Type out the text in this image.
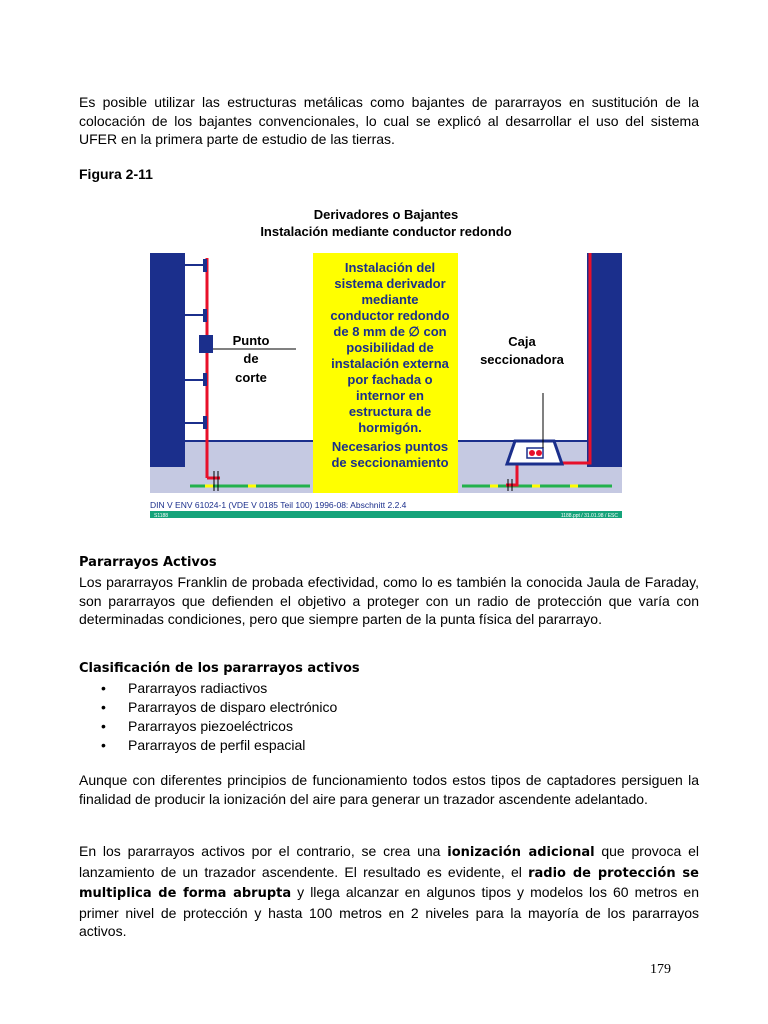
Es posible utilizar las estructuras metálicas como bajantes de pararrayos en sustitución de la colocación de los bajantes convencionales, lo cual se explicó al desarrollar el uso del sistema UFER en la primera parte de estudio de las tierras.

Figura 2-11

Derivadores o Bajantes

Instalación mediante conductor redondo

Instalación del
sistema derivador
mediante
conductor redondo
de 8 mm de ∅ con
posibilidad de
instalación externa
por fachada o
internor en
estructura de
hormigón.
Necesarios puntos
de seccionamiento
Punto
de
corte
Caja
seccionadora
DIN V ENV 61024-1 (VDE V 0185 Teil 100) 1996-08: Abschnitt 2.2.4
S1188	1188.ppt / 31.01.98 / ESC

Pararrayos Activos

Los pararrayos Franklin de probada efectividad, como lo es también la conocida Jaula de Faraday, son pararrayos que defienden el objetivo a proteger con un radio de protección que varía con determinadas condiciones, pero que siempre parten de la punta física del pararrayo.

Clasificación de los pararrayos activos

• Pararrayos radiactivos
• Pararrayos de disparo electrónico
• Pararrayos piezoeléctricos
• Pararrayos de perfil espacial

Aunque con diferentes principios de funcionamiento todos estos tipos de captadores persiguen la finalidad de producir la ionización del aire para generar un trazador ascendente adelantado.

En los pararrayos activos por el contrario, se crea una ionización adicional que provoca el lanzamiento de un trazador ascendente. El resultado es evidente, el radio de protección se multiplica de forma abrupta y llega alcanzar en algunos tipos y modelos los 60 metros en primer nivel de protección y hasta 100 metros en 2 niveles para la mayoría de los pararrayos activos.

179
